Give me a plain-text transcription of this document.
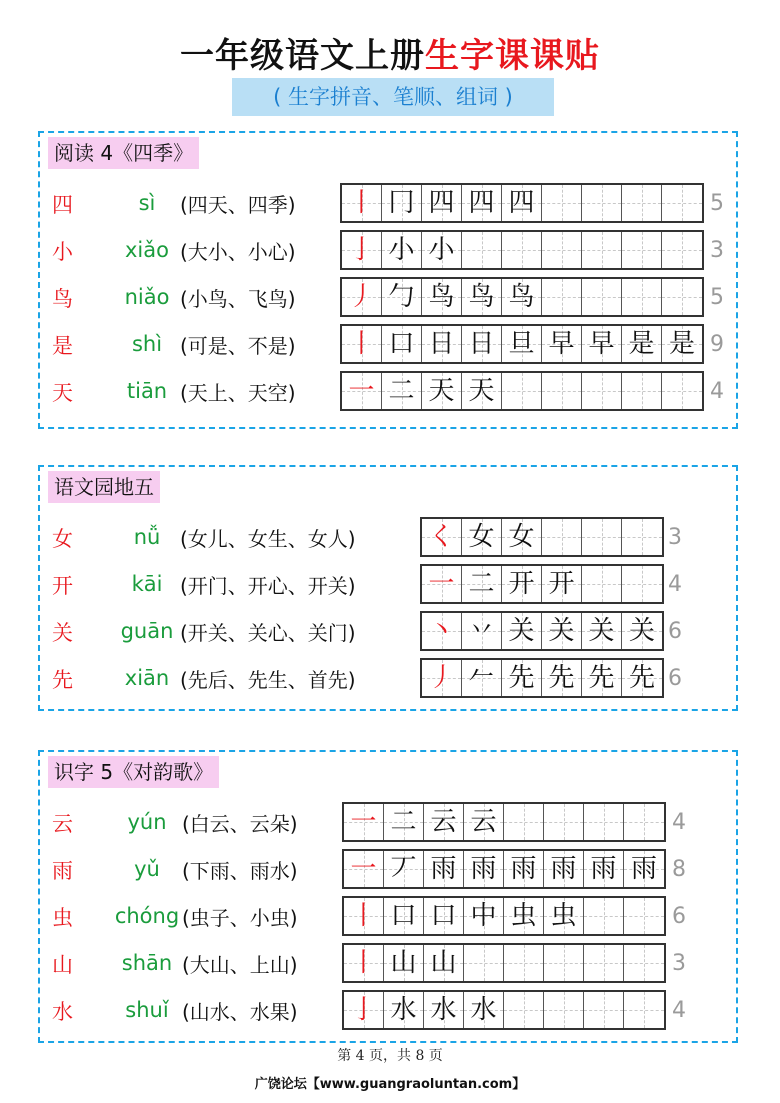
一年级语文上册生字课课贴
( 生字拼音、笔顺、组词 )
阅读 4《四季》
四	sì	(四天、四季) 丨 冂 四 四 四	5
小	xiǎo (大小、小心) 亅 小 小	3
鸟	niǎo (小鸟、飞鸟) 丿 勹 鸟 鸟 鸟	5
是	shì (可是、不是) 丨 口 日 日 旦 早 早 是 是 9
天	tiān (天上、天空) 一 二 天 天	4
语文园地五
女	nǚ (女儿、女生、女人)	く 女 女	3
开	kāi (开门、开心、开关)	一 二 开 开	4
关	guān (开关、关心、关门)	丶 丷 关 关 关 关 6
先	xiān (先后、先生、首先)	丿 𠂉 先 先 先 先 6
识字 5《对韵歌》
云	yún (白云、云朵) 一 二 云 云	4
雨	yǔ	(下雨、雨水) 一 丆 雨 雨 雨 雨 雨 雨 8
虫	chóng (虫子、小虫) 丨 口 口 中 虫 虫	6
山	shān (大山、上山) 丨 山 山	3
水	shuǐ (山水、水果) 亅 水 水 水	4
第 4 页，共 8 页
广饶论坛【www.guangraoluntan.com】
